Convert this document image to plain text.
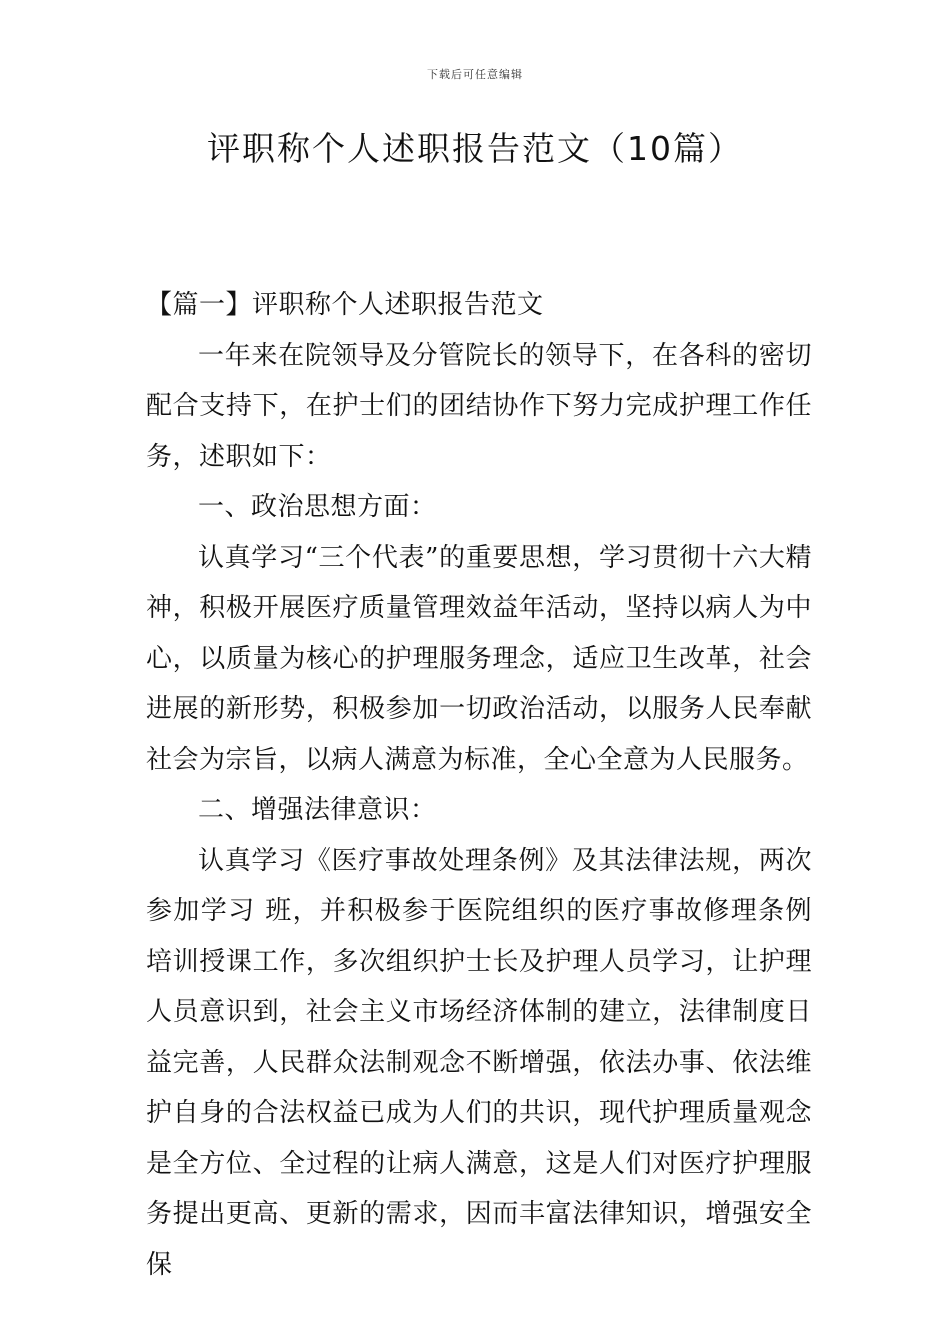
下载后可任意编辑
评职称个人述职报告范文（10篇）

【篇一】评职称个人述职报告范文

一年来在院领导及分管院长的领导下，在各科的密切配合支持下，在护士们的团结协作下努力完成护理工作任务，述职如下：

一、政治思想方面：

认真学习“三个代表”的重要思想，学习贯彻十六大精神，积极开展医疗质量管理效益年活动，坚持以病人为中心，以质量为核心的护理服务理念，适应卫生改革，社会进展的新形势，积极参加一切政治活动，以服务人民奉献社会为宗旨，以病人满意为标准，全心全意为人民服务。

二、增强法律意识：

认真学习《医疗事故处理条例》及其法律法规，两次参加学习 班，并积极参于医院组织的医疗事故修理条例培训授课工作，多次组织护士长及护理人员学习，让护理人员意识到，社会主义市场经济体制的建立，法律制度日益完善，人民群众法制观念不断增强，依法办事、依法维护自身的合法权益已成为人们的共识，现代护理质量观念是全方位、全过程的让病人满意，这是人们对医疗护理服务提出更高、更新的需求，因而丰富法律知识，增强安全保
